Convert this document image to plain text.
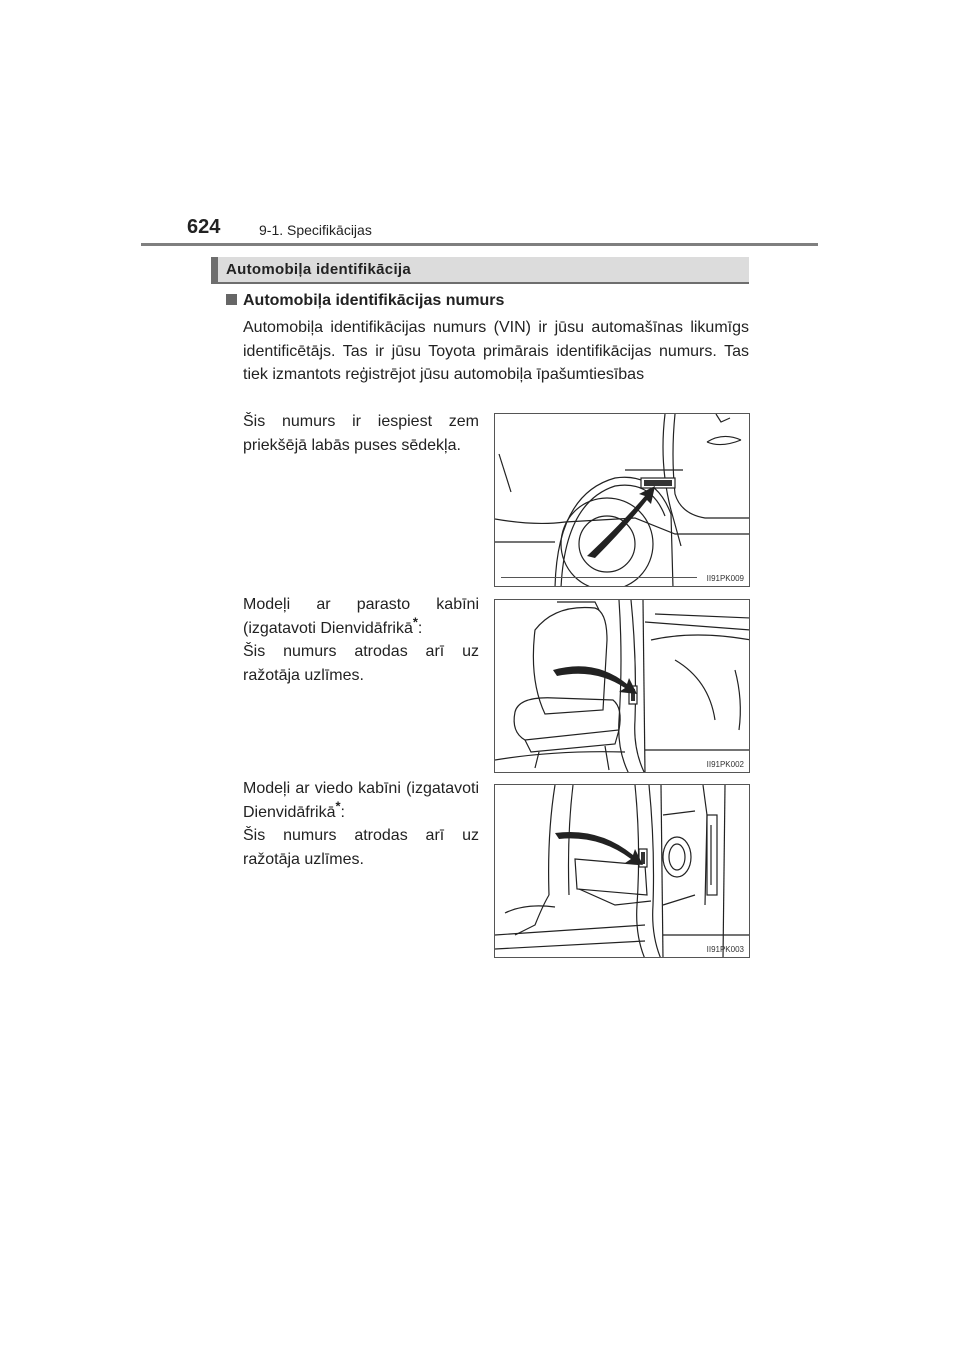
624	9-1. Specifikācijas
Automobiļa identifikācija
Automobiļa identifikācijas numurs
Automobiļa identifikācijas numurs (VIN) ir jūsu automašīnas likumīgs identificētājs. Tas ir jūsu Toyota primārais identifikācijas numurs. Tas tiek izmantots reģistrējot jūsu automobiļa īpašumtiesības

Šis numurs ir iespiest zem priekšējā labās puses sēdekļa.

II91PK009

Modeļi ar parasto kabīni (izgatavoti Dienvidāfrikā*:

Šis numurs atrodas arī uz ražotāja uzlīmes.

II91PK002

Modeļi ar viedo kabīni (izgatavoti Dienvidāfrikā*:

Šis numurs atrodas arī uz ražotāja uzlīmes.

II91PK003
